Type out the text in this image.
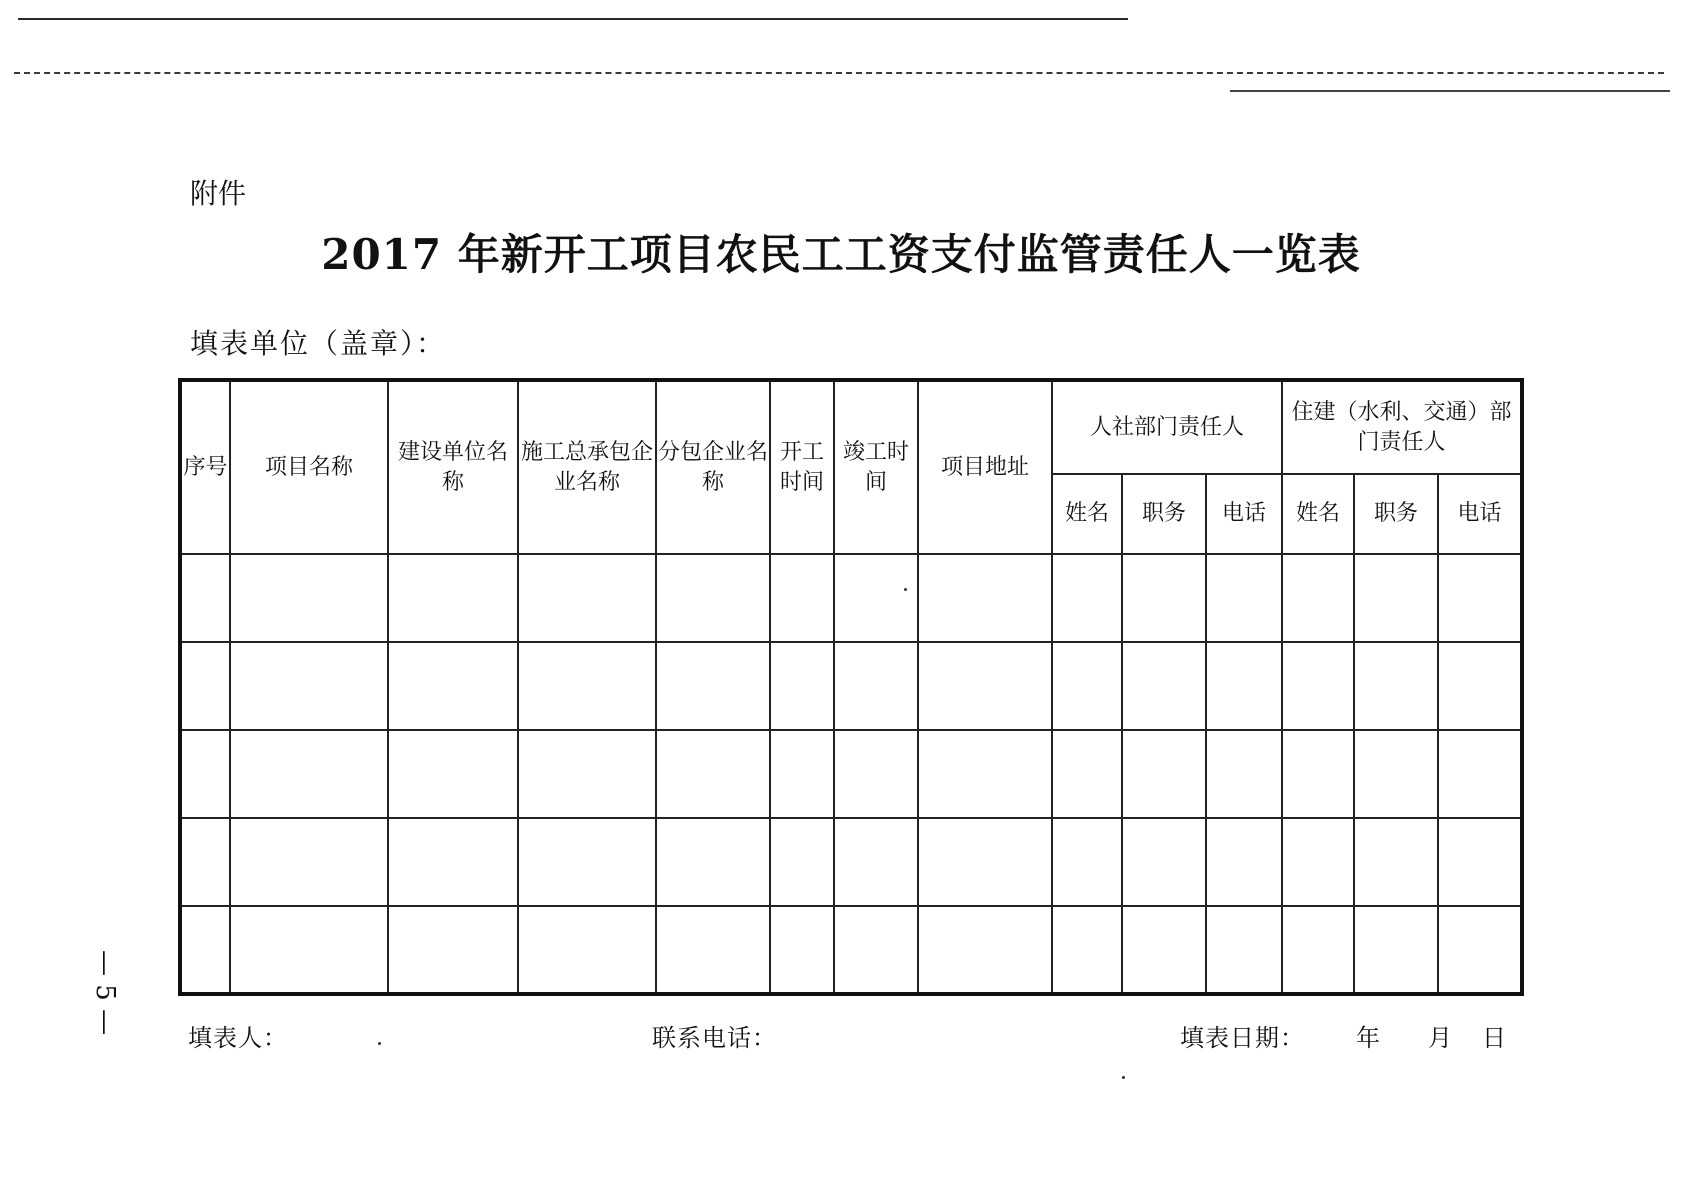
附件
2017 年新开工项目农民工工资支付监管责任人一览表
填表单位（盖章）：
序号	项目名称	建设单位名称	施工总承包企业名称	分包企业名称	开工时间	竣工时间	项目地址	人社部门责任人			住建（水利、交通）部门责任人		
								姓名	职务	电话	姓名	职务	电话

填表人：	联系电话：	填表日期： 年 月 日
— 5 —
